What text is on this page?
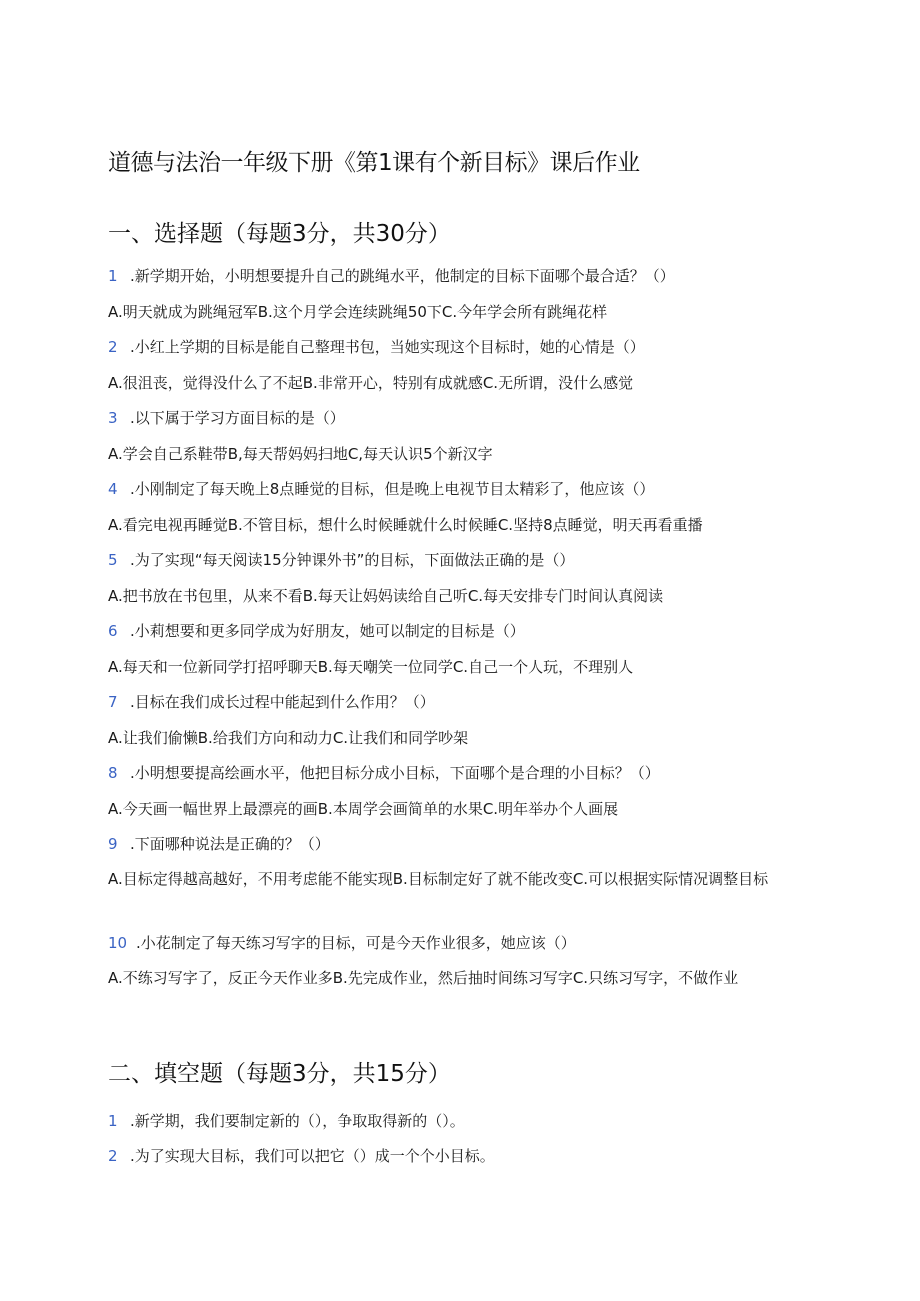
道德与法治一年级下册《第1课有个新目标》课后作业
一、选择题（每题3分，共30分）
1 .新学期开始，小明想要提升自己的跳绳水平，他制定的目标下面哪个最合适？（）
A.明天就成为跳绳冠军B.这个月学会连续跳绳50下C.今年学会所有跳绳花样
2 .小红上学期的目标是能自己整理书包，当她实现这个目标时，她的心情是（）
A.很沮丧，觉得没什么了不起B.非常开心，特别有成就感C.无所谓，没什么感觉
3 .以下属于学习方面目标的是（）
A.学会自己系鞋带B,每天帮妈妈扫地C,每天认识5个新汉字
4 .小刚制定了每天晚上8点睡觉的目标，但是晚上电视节目太精彩了，他应该（）
A.看完电视再睡觉B.不管目标，想什么时候睡就什么时候睡C.坚持8点睡觉，明天再看重播
5 .为了实现“每天阅读15分钟课外书”的目标，下面做法正确的是（）
A.把书放在书包里，从来不看B.每天让妈妈读给自己听C.每天安排专门时间认真阅读
6 .小莉想要和更多同学成为好朋友，她可以制定的目标是（）
A.每天和一位新同学打招呼聊天B.每天嘲笑一位同学C.自己一个人玩，不理别人
7 .目标在我们成长过程中能起到什么作用？（）
A.让我们偷懒B.给我们方向和动力C.让我们和同学吵架
8 .小明想要提高绘画水平，他把目标分成小目标，下面哪个是合理的小目标？（）
A.今天画一幅世界上最漂亮的画B.本周学会画简单的水果C.明年举办个人画展
9 .下面哪种说法是正确的？（）
A.目标定得越高越好，不用考虑能不能实现B.目标制定好了就不能改变C.可以根据实际情况调整目标
10 .小花制定了每天练习写字的目标，可是今天作业很多，她应该（）
A.不练习写字了，反正今天作业多B.先完成作业，然后抽时间练习写字C.只练习写字，不做作业
二、填空题（每题3分，共15分）
1 .新学期，我们要制定新的（），争取取得新的（）。
2 .为了实现大目标，我们可以把它（）成一个个小目标。
